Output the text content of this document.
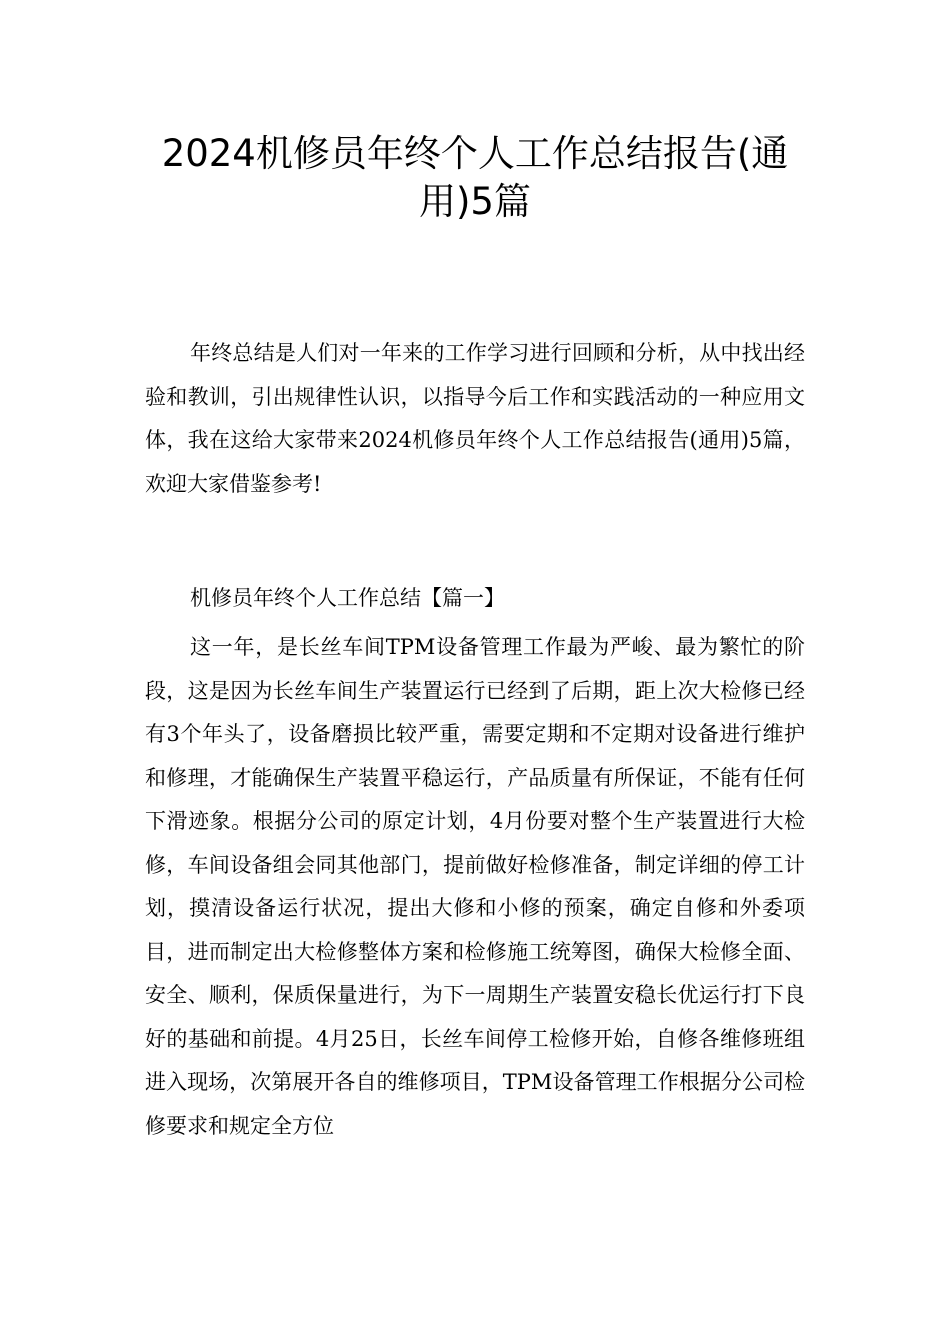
2024机修员年终个人工作总结报告(通用)5篇

年终总结是人们对一年来的工作学习进行回顾和分析，从中找出经验和教训，引出规律性认识，以指导今后工作和实践活动的一种应用文体，我在这给大家带来2024机修员年终个人工作总结报告(通用)5篇，欢迎大家借鉴参考!

机修员年终个人工作总结【篇一】

这一年，是长丝车间TPM设备管理工作最为严峻、最为繁忙的阶段，这是因为长丝车间生产装置运行已经到了后期，距上次大检修已经有3个年头了，设备磨损比较严重，需要定期和不定期对设备进行维护和修理，才能确保生产装置平稳运行，产品质量有所保证，不能有任何下滑迹象。根据分公司的原定计划，4月份要对整个生产装置进行大检修，车间设备组会同其他部门，提前做好检修准备，制定详细的停工计划，摸清设备运行状况，提出大修和小修的预案，确定自修和外委项目，进而制定出大检修整体方案和检修施工统筹图，确保大检修全面、安全、顺利，保质保量进行，为下一周期生产装置安稳长优运行打下良好的基础和前提。4月25日，长丝车间停工检修开始，自修各维修班组进入现场，次第展开各自的维修项目，TPM设备管理工作根据分公司检修要求和规定全方位
